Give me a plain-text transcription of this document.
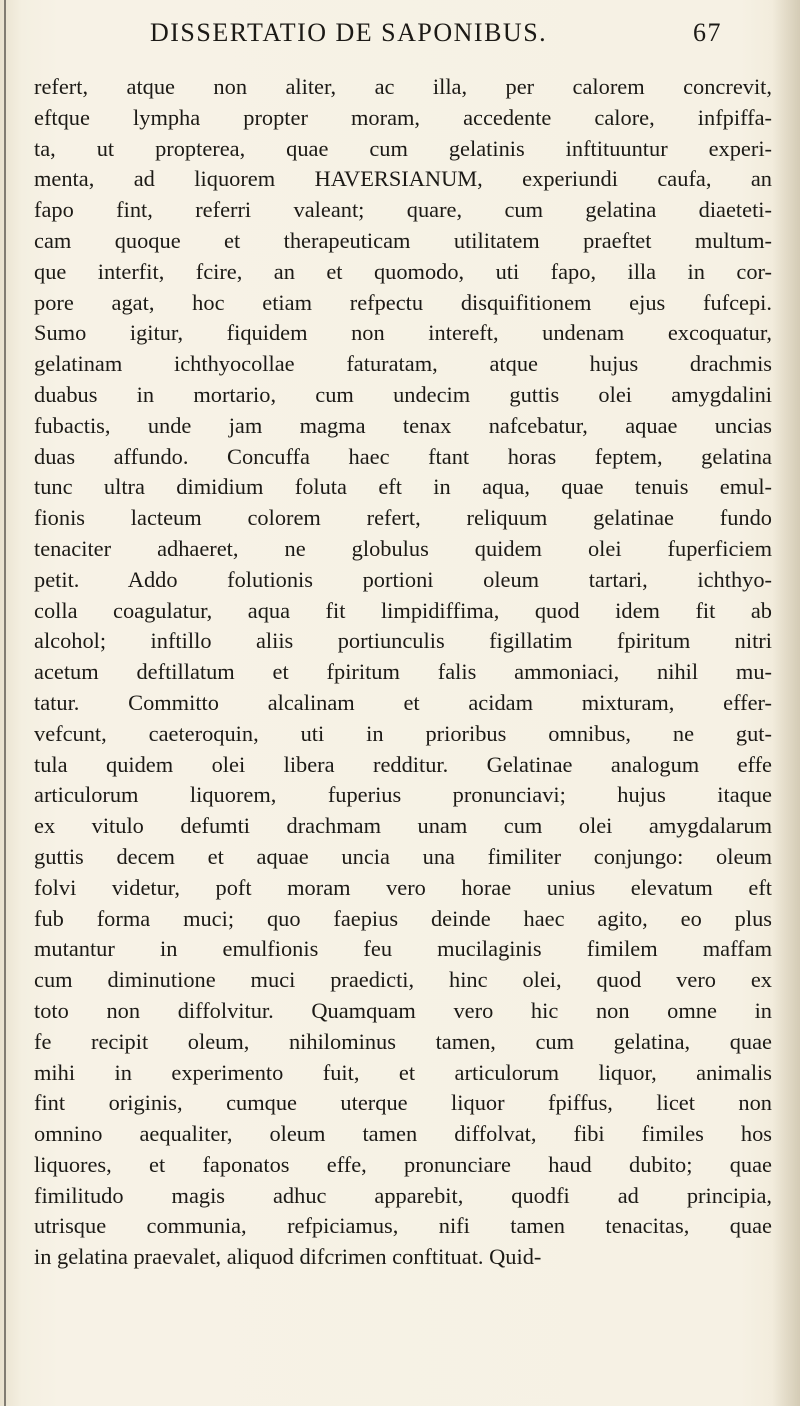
DISSERTATIO DE SAPONIBUS.	67
refert, atque non aliter, ac illa, per calorem concrevit,
eftque lympha propter moram, accedente calore, infpiffa-
ta, ut propterea, quae cum gelatinis inftituuntur experi-
menta, ad liquorem HAVERSIANUM, experiundi caufa, an
fapo fint, referri valeant; quare, cum gelatina diaeteti-
cam quoque et therapeuticam utilitatem praeftet multum-
que interfit, fcire, an et quomodo, uti fapo, illa in cor-
pore agat, hoc etiam refpectu disquifitionem ejus fufcepi.
Sumo igitur, fiquidem non intereft, undenam excoquatur,
gelatinam ichthyocollae faturatam, atque hujus drachmis
duabus in mortario, cum undecim guttis olei amygdalini
fubactis, unde jam magma tenax nafcebatur, aquae uncias
duas affundo. Concuffa haec ftant horas feptem, gelatina
tunc ultra dimidium foluta eft in aqua, quae tenuis emul-
fionis lacteum colorem refert, reliquum gelatinae fundo
tenaciter adhaeret, ne globulus quidem olei fuperficiem
petit. Addo folutionis portioni oleum tartari, ichthyo-
colla coagulatur, aqua fit limpidiffima, quod idem fit ab
alcohol; inftillo aliis portiunculis figillatim fpiritum nitri
acetum deftillatum et fpiritum falis ammoniaci, nihil mu-
tatur. Committo alcalinam et acidam mixturam, effer-
vefcunt, caeteroquin, uti in prioribus omnibus, ne gut-
tula quidem olei libera redditur. Gelatinae analogum effe
articulorum liquorem, fuperius pronunciavi; hujus itaque
ex vitulo defumti drachmam unam cum olei amygdalarum
guttis decem et aquae uncia una fimiliter conjungo: oleum
folvi videtur, poft moram vero horae unius elevatum eft
fub forma muci; quo faepius deinde haec agito, eo plus
mutantur in emulfionis feu mucilaginis fimilem maffam
cum diminutione muci praedicti, hinc olei, quod vero ex
toto non diffolvitur. Quamquam vero hic non omne in
fe recipit oleum, nihilominus tamen, cum gelatina, quae
mihi in experimento fuit, et articulorum liquor, animalis
fint originis, cumque uterque liquor fpiffus, licet non
omnino aequaliter, oleum tamen diffolvat, fibi fimiles hos
liquores, et faponatos effe, pronunciare haud dubito; quae
fimilitudo magis adhuc apparebit, quodfi ad principia,
utrisque communia, refpiciamus, nifi tamen tenacitas, quae
in gelatina praevalet, aliquod difcrimen conftituat. Quid-
